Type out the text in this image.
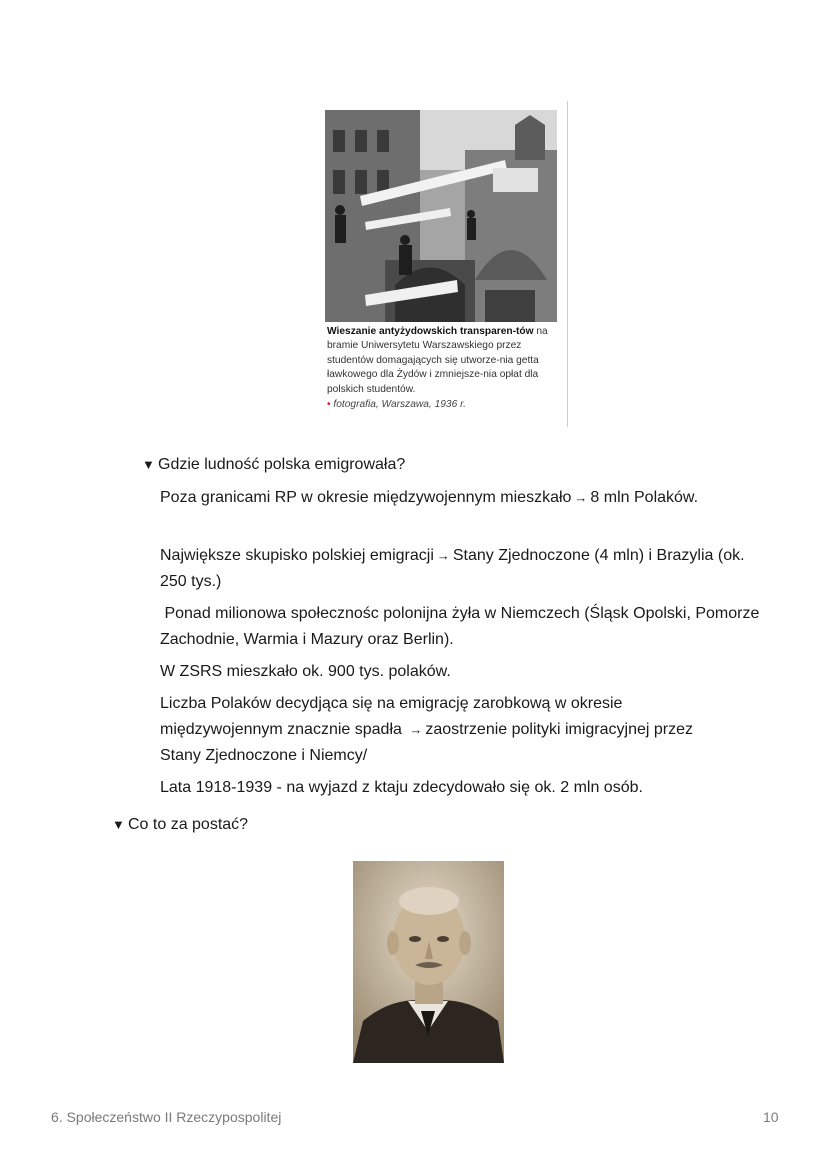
Wieszanie antyżydowskich transparen-tów na bramie Uniwersytetu Warszawskiego przez studentów domagających się utworze-nia getta ławkowego dla Żydów i zmniejsze-nia opłat dla polskich studentów.
• fotografia, Warszawa, 1936 r.
▼ Gdzie ludność polska emigrowała?

Poza granicami RP w okresie międzywojennym mieszkało → 8 mln Polaków.

Największe skupisko polskiej emigracji → Stany Zjednoczone (4 mln) i Brazylia (ok. 250 tys.)

Ponad milionowa społecznośc polonijna żyła w Niemczech (Śląsk Opolski, Pomorze Zachodnie, Warmia i Mazury oraz Berlin).

W ZSRS mieszkało ok. 900 tys. polaków.

Liczba Polaków decydjąca się na emigrację zarobkową w okresie międzywojennym znacznie spadła → zaostrzenie polityki imigracyjnej przez Stany Zjednoczone i Niemcy/

Lata 1918-1939 - na wyjazd z ktaju zdecydowało się ok. 2 mln osób.

▼ Co to za postać?
6. Społeczeństwo II Rzeczypospolitej	10
